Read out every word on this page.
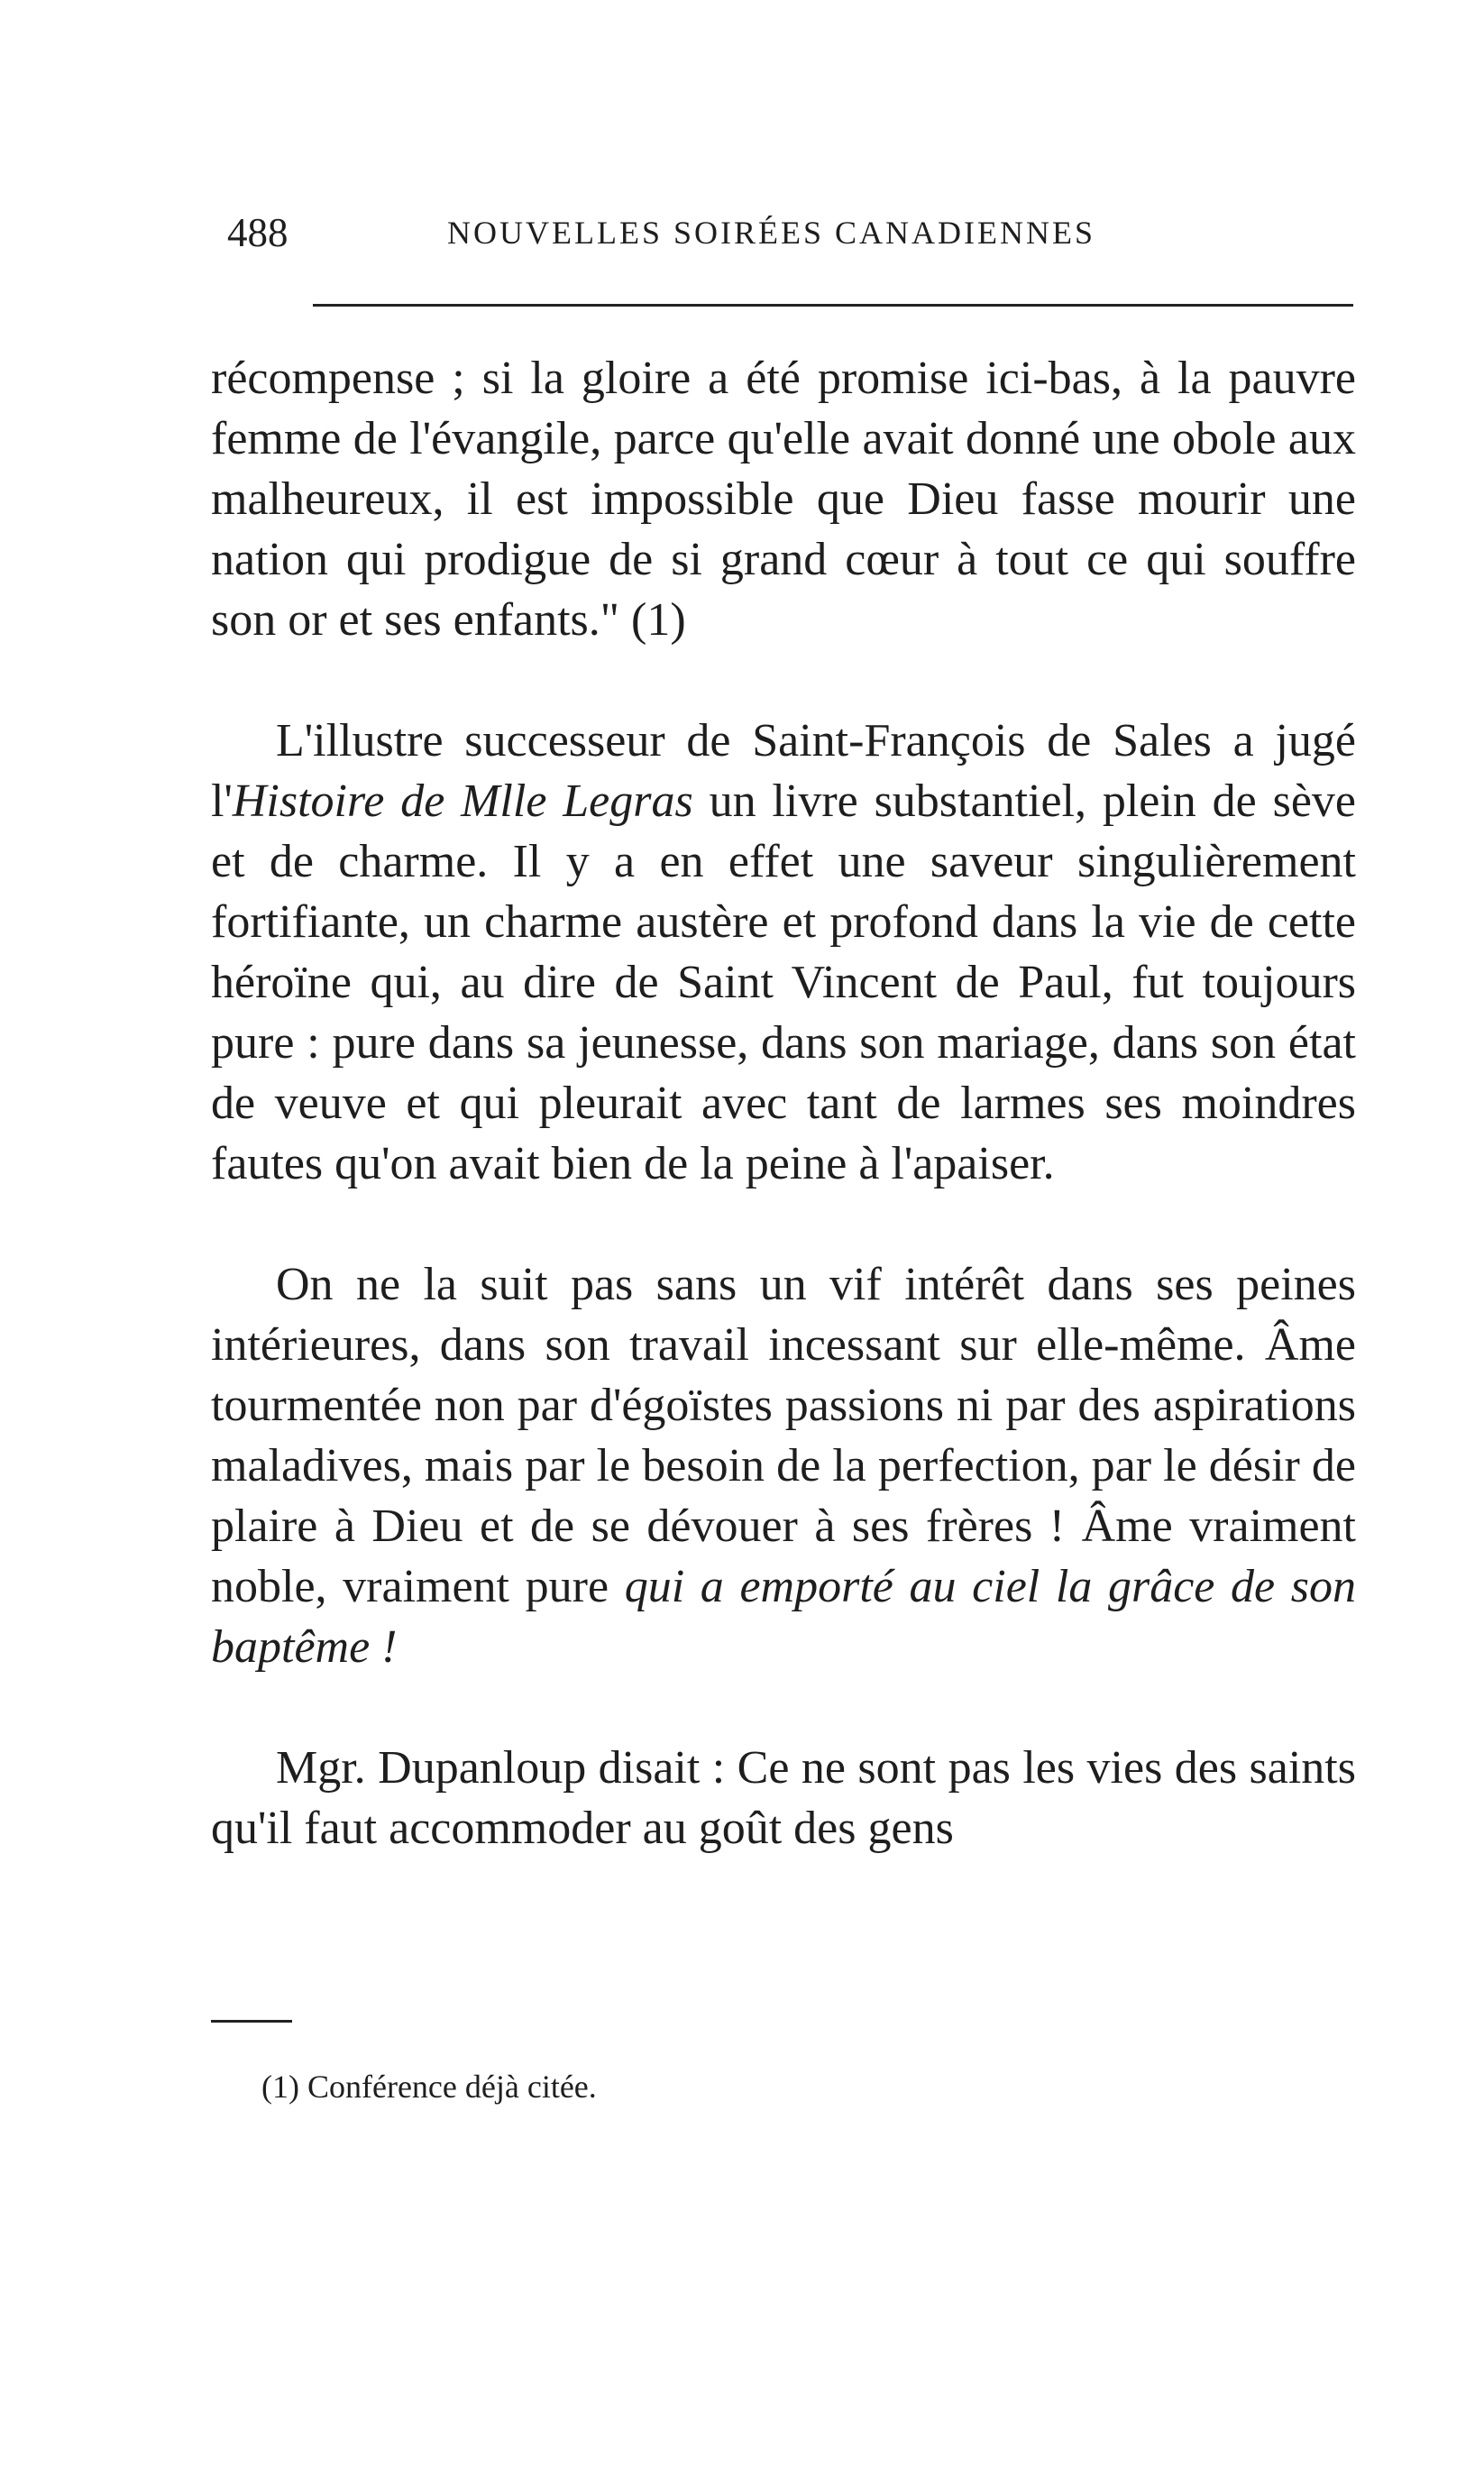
488	NOUVELLES SOIRÉES CANADIENNES

récompense ; si la gloire a été promise ici-bas, à la pauvre femme de l'évangile, parce qu'elle avait donné une obole aux malheureux, il est impossible que Dieu fasse mourir une nation qui prodigue de si grand cœur à tout ce qui souffre son or et ses enfants." (1)

L'illustre successeur de Saint-François de Sales a jugé l'Histoire de Mlle Legras un livre substantiel, plein de sève et de charme. Il y a en effet une saveur singulièrement fortifiante, un charme austère et profond dans la vie de cette héroïne qui, au dire de Saint Vincent de Paul, fut toujours pure : pure dans sa jeunesse, dans son mariage, dans son état de veuve et qui pleurait avec tant de larmes ses moindres fautes qu'on avait bien de la peine à l'apaiser.

On ne la suit pas sans un vif intérêt dans ses peines intérieures, dans son travail incessant sur elle-même. Âme tourmentée non par d'égoïstes passions ni par des aspirations maladives, mais par le besoin de la perfection, par le désir de plaire à Dieu et de se dévouer à ses frères ! Âme vraiment noble, vraiment pure qui a emporté au ciel la grâce de son baptême !

Mgr. Dupanloup disait : Ce ne sont pas les vies des saints qu'il faut accommoder au goût des gens

(1) Conférence déjà citée.
